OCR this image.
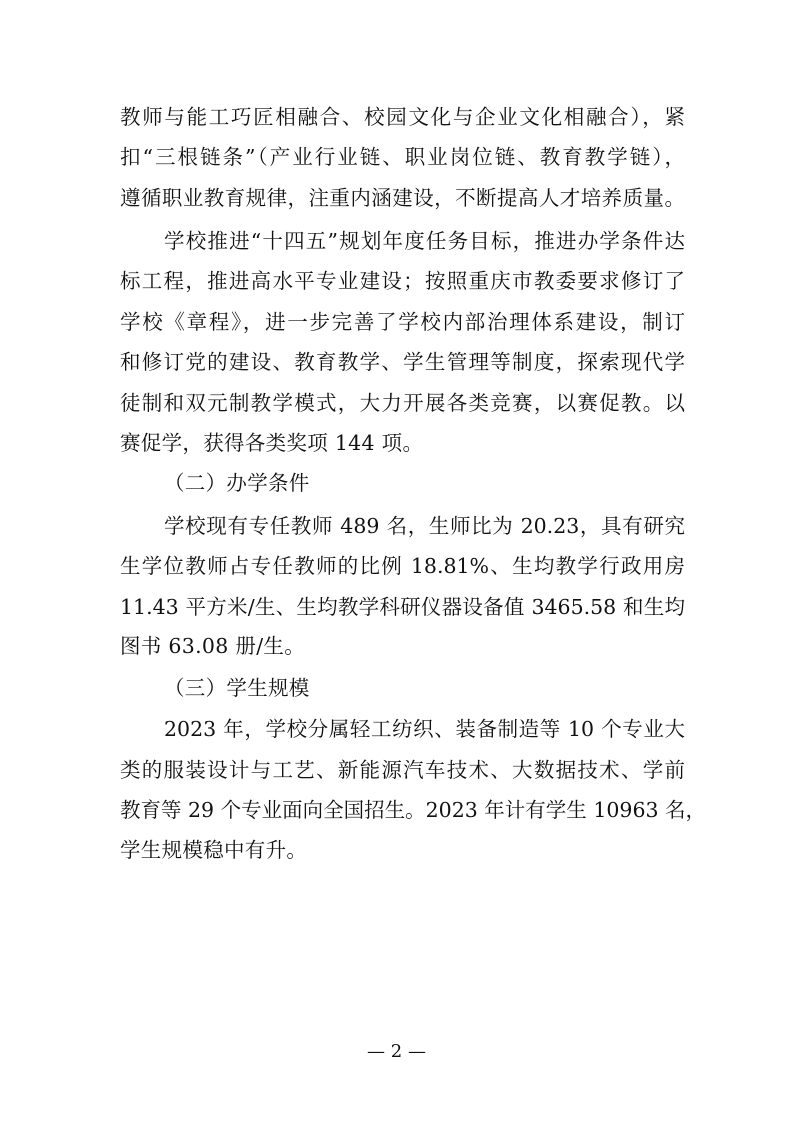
教师与能工巧匠相融合、校园文化与企业文化相融合），紧
扣“三根链条”（产业行业链、职业岗位链、教育教学链），
遵循职业教育规律，注重内涵建设，不断提高人才培养质量。
学校推进“十四五”规划年度任务目标，推进办学条件达
标工程，推进高水平专业建设；按照重庆市教委要求修订了
学校《章程》，进一步完善了学校内部治理体系建设，制订
和修订党的建设、教育教学、学生管理等制度，探索现代学
徒制和双元制教学模式，大力开展各类竞赛，以赛促教。以
赛促学，获得各类奖项 144 项。
（二）办学条件
学校现有专任教师 489 名，生师比为 20.23，具有研究
生学位教师占专任教师的比例 18.81%、生均教学行政用房
11.43 平方米/生、生均教学科研仪器设备值 3465.58 和生均
图书 63.08 册/生。
（三）学生规模
2023 年，学校分属轻工纺织、装备制造等 10 个专业大
类的服装设计与工艺、新能源汽车技术、大数据技术、学前
教育等 29 个专业面向全国招生。2023 年计有学生 10963 名，
学生规模稳中有升。
— 2 —
